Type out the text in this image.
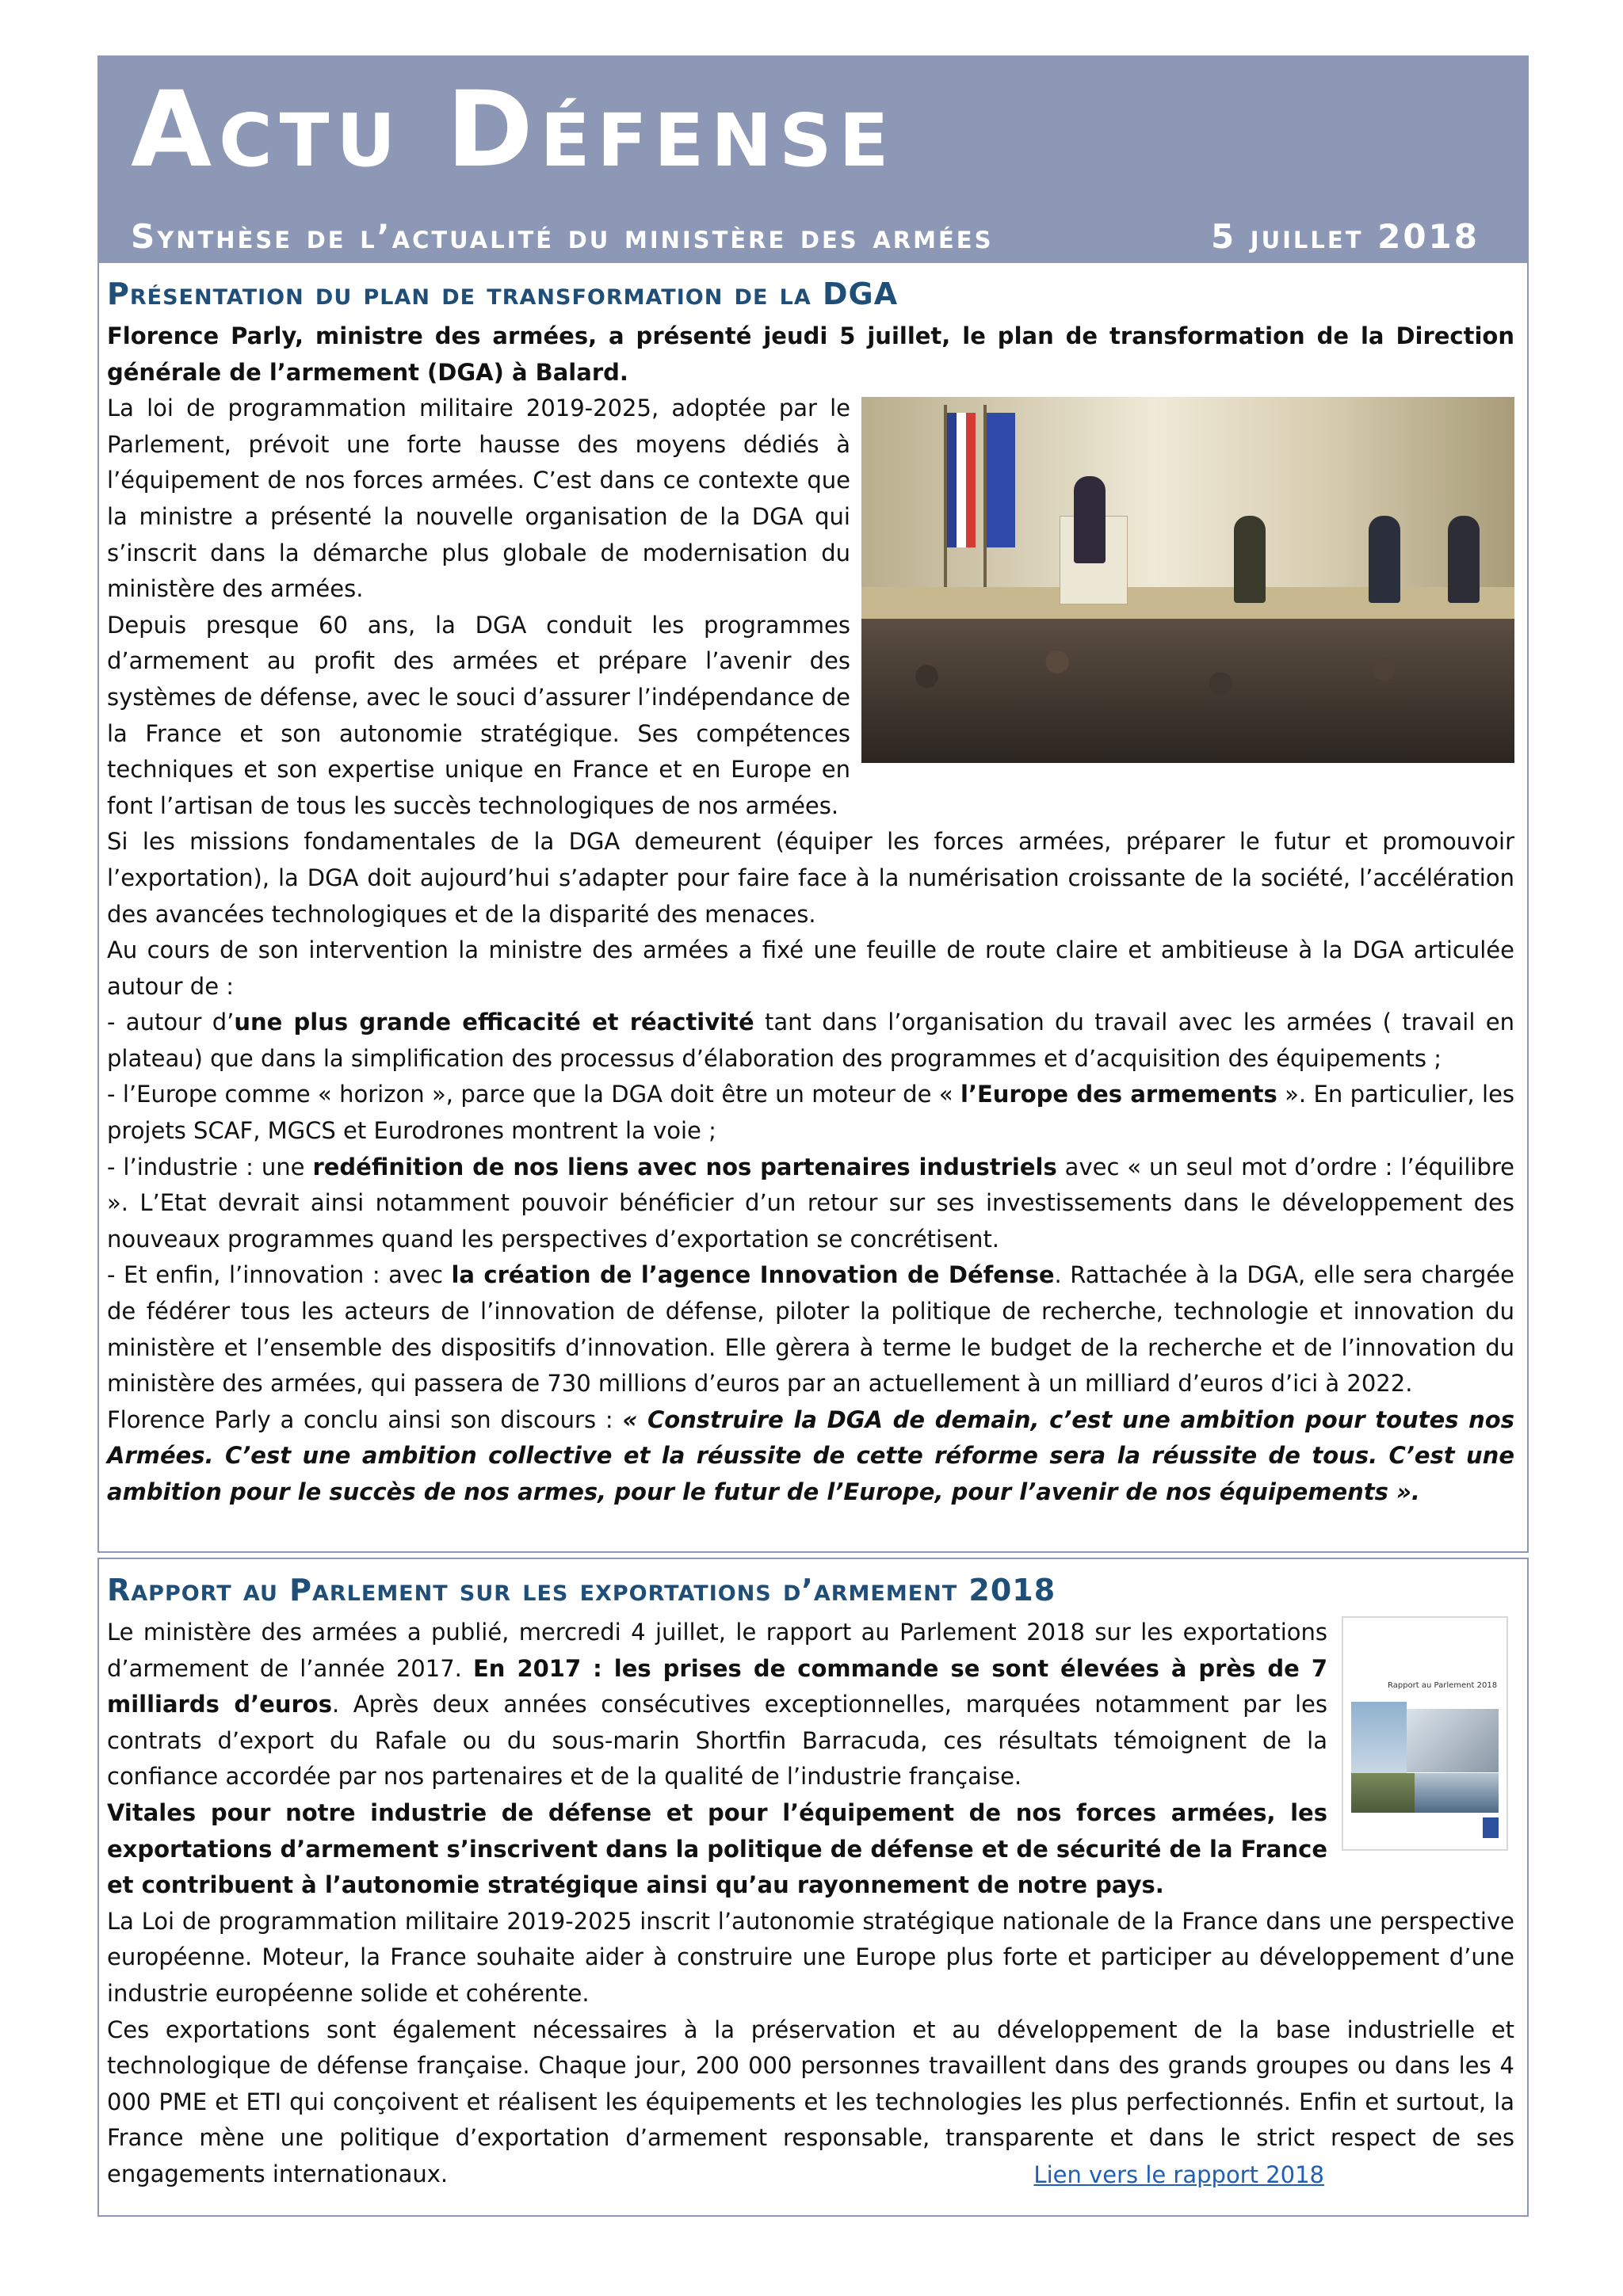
Actu Défense
Synthèse de l’actualité du ministère des armées	5 juillet 2018
Présentation du plan de transformation de la DGA

Florence Parly, ministre des armées, a présenté jeudi 5 juillet, le plan de transformation de la Direction générale de l’armement (DGA) à Balard.

La loi de programmation militaire 2019-2025, adoptée par le Parlement, prévoit une forte hausse des moyens dédiés à l’équipement de nos forces armées. C’est dans ce contexte que la ministre a présenté la nouvelle organisation de la DGA qui s’inscrit dans la démarche plus globale de modernisation du ministère des armées.

Depuis presque 60 ans, la DGA conduit les programmes d’armement au profit des armées et prépare l’avenir des systèmes de défense, avec le souci d’assurer l’indépendance de la France et son autonomie stratégique. Ses compétences techniques et son expertise unique en France et en Europe en font l’artisan de tous les succès technologiques de nos armées.

Si les missions fondamentales de la DGA demeurent (équiper les forces armées, préparer le futur et promouvoir l’exportation), la DGA doit aujourd’hui s’adapter pour faire face à la numérisation croissante de la société, l’accélération des avancées technologiques et de la disparité des menaces.

Au cours de son intervention la ministre des armées a fixé une feuille de route claire et ambitieuse à la DGA articulée autour de :

- autour d’une plus grande efficacité et réactivité tant dans l’organisation du travail avec les armées ( travail en plateau) que dans la simplification des processus d’élaboration des programmes et d’acquisition des équipements ;

- l’Europe comme « horizon », parce que la DGA doit être un moteur de « l’Europe des armements ». En particulier, les projets SCAF, MGCS et Eurodrones montrent la voie ;

- l’industrie : une redéfinition de nos liens avec nos partenaires industriels avec « un seul mot d’ordre : l’équilibre ». L’Etat devrait ainsi notamment pouvoir bénéficier d’un retour sur ses investissements dans le développement des nouveaux programmes quand les perspectives d’exportation se concrétisent.

- Et enfin, l’innovation : avec la création de l’agence Innovation de Défense. Rattachée à la DGA, elle sera chargée de fédérer tous les acteurs de l’innovation de défense, piloter la politique de recherche, technologie et innovation du ministère et l’ensemble des dispositifs d’innovation. Elle gèrera à terme le budget de la recherche et de l’innovation du ministère des armées, qui passera de 730 millions d’euros par an actuellement à un milliard d’euros d’ici à 2022.

Florence Parly a conclu ainsi son discours : « Construire la DGA de demain, c’est une ambition pour toutes nos Armées. C’est une ambition collective et la réussite de cette réforme sera la réussite de tous. C’est une ambition pour le succès de nos armes, pour le futur de l’Europe, pour l’avenir de nos équipements ».

Rapport au Parlement sur les exportations d’armement 2018
Rapport au Parlement 2018

Le ministère des armées a publié, mercredi 4 juillet, le rapport au Parlement 2018 sur les exportations d’armement de l’année 2017. En 2017 : les prises de commande se sont élevées à près de 7 milliards d’euros. Après deux années consécutives exceptionnelles, marquées notamment par les contrats d’export du Rafale ou du sous-marin Shortfin Barracuda, ces résultats témoignent de la confiance accordée par nos partenaires et de la qualité de l’industrie française.

Vitales pour notre industrie de défense et pour l’équipement de nos forces armées, les exportations d’armement s’inscrivent dans la politique de défense et de sécurité de la France et contribuent à l’autonomie stratégique ainsi qu’au rayonnement de notre pays.

La Loi de programmation militaire 2019-2025 inscrit l’autonomie stratégique nationale de la France dans une perspective européenne. Moteur, la France souhaite aider à construire une Europe plus forte et participer au développement d’une industrie européenne solide et cohérente.

Ces exportations sont également nécessaires à la préservation et au développement de la base industrielle et technologique de défense française. Chaque jour, 200 000 personnes travaillent dans des grands groupes ou dans les 4 000 PME et ETI qui conçoivent et réalisent les équipements et les technologies les plus perfectionnés. Enfin et surtout, la France mène une politique d’exportation d’armement responsable, transparente et dans le strict respect de ses engagements internationaux.	Lien vers le rapport 2018
